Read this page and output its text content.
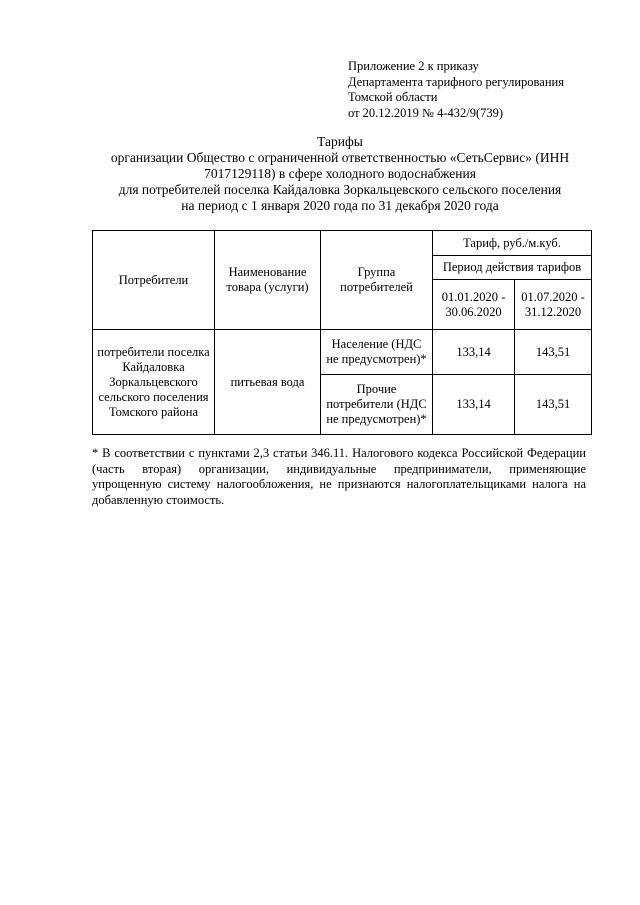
Приложение 2 к приказу
Департамента тарифного регулирования
Томской области
от 20.12.2019 № 4-432/9(739)
Тарифы
организации Общество с ограниченной ответственностью «СетьСервис» (ИНН
7017129118) в сфере холодного водоснабжения
для потребителей поселка Кайдаловка Зоркальцевского сельского поселения
на период с 1 января 2020 года по 31 декабря 2020 года
Потребители	Наименование товара (услуги)	Группа потребителей	Тариф, руб./м.куб.	
			Период действия тарифов	
			01.01.2020 - 30.06.2020	01.07.2020 - 31.12.2020
потребители поселка Кайдаловка Зоркальцевского сельского поселения Томского района	питьевая вода	Население (НДС не предусмотрен)*	133,14	143,51
		Прочие потребители (НДС не предусмотрен)*	133,14	143,51
* В соответствии с пунктами 2,3 статьи 346.11. Налогового кодекса Российской Федерации (часть вторая) организации, индивидуальные предприниматели, применяющие упрощенную систему налогообложения, не признаются налогоплательщиками налога на добавленную стоимость.
